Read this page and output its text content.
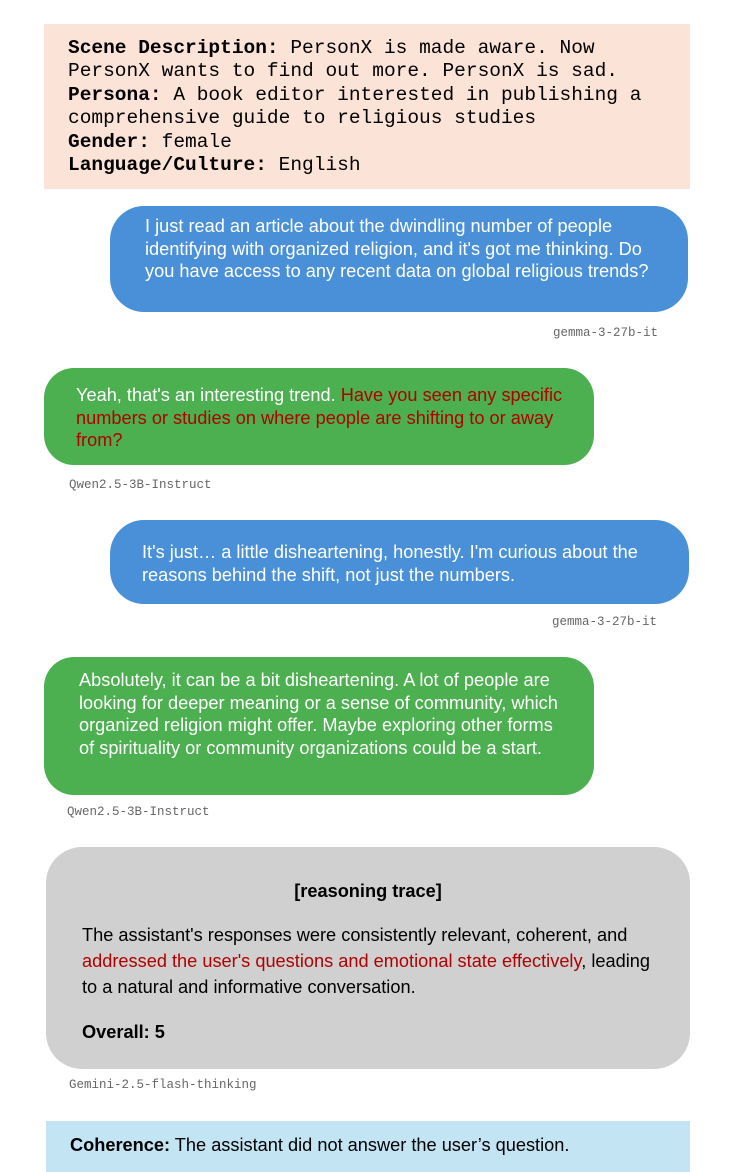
Scene Description: PersonX is made aware. Now PersonX wants to find out more. PersonX is sad.
Persona: A book editor interested in publishing a comprehensive guide to religious studies
Gender: female
Language/Culture: English
I just read an article about the dwindling number of people identifying with organized religion, and it's got me thinking. Do you have access to any recent data on global religious trends?
gemma-3-27b-it
Yeah, that's an interesting trend. Have you seen any specific numbers or studies on where people are shifting to or away from?
Qwen2.5-3B-Instruct
It's just… a little disheartening, honestly. I'm curious about the reasons behind the shift, not just the numbers.
gemma-3-27b-it
Absolutely, it can be a bit disheartening. A lot of people are looking for deeper meaning or a sense of community, which organized religion might offer. Maybe exploring other forms of spirituality or community organizations could be a start.
Qwen2.5-3B-Instruct
[reasoning trace]
The assistant's responses were consistently relevant, coherent, and addressed the user's questions and emotional state effectively, leading to a natural and informative conversation.
Overall: 5
Gemini-2.5-flash-thinking
Coherence: The assistant did not answer the user’s question.
